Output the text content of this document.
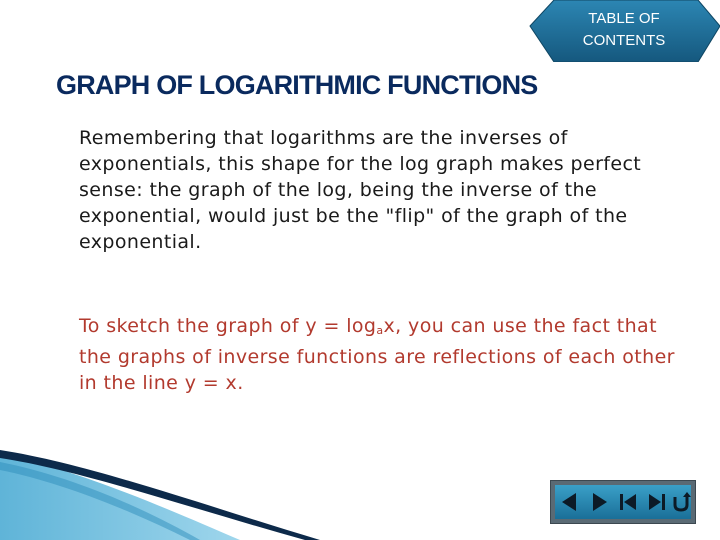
TABLE OF
CONTENTS
GRAPH OF LOGARITHMIC FUNCTIONS

Remembering that logarithms are the inverses of exponentials, this shape for the log graph makes perfect sense: the graph of the log, being the inverse of the exponential, would just be the "flip" of the graph of the exponential.

To sketch the graph of y = logax, you can use the fact that the graphs of inverse functions are reflections of each other in the line y = x.
